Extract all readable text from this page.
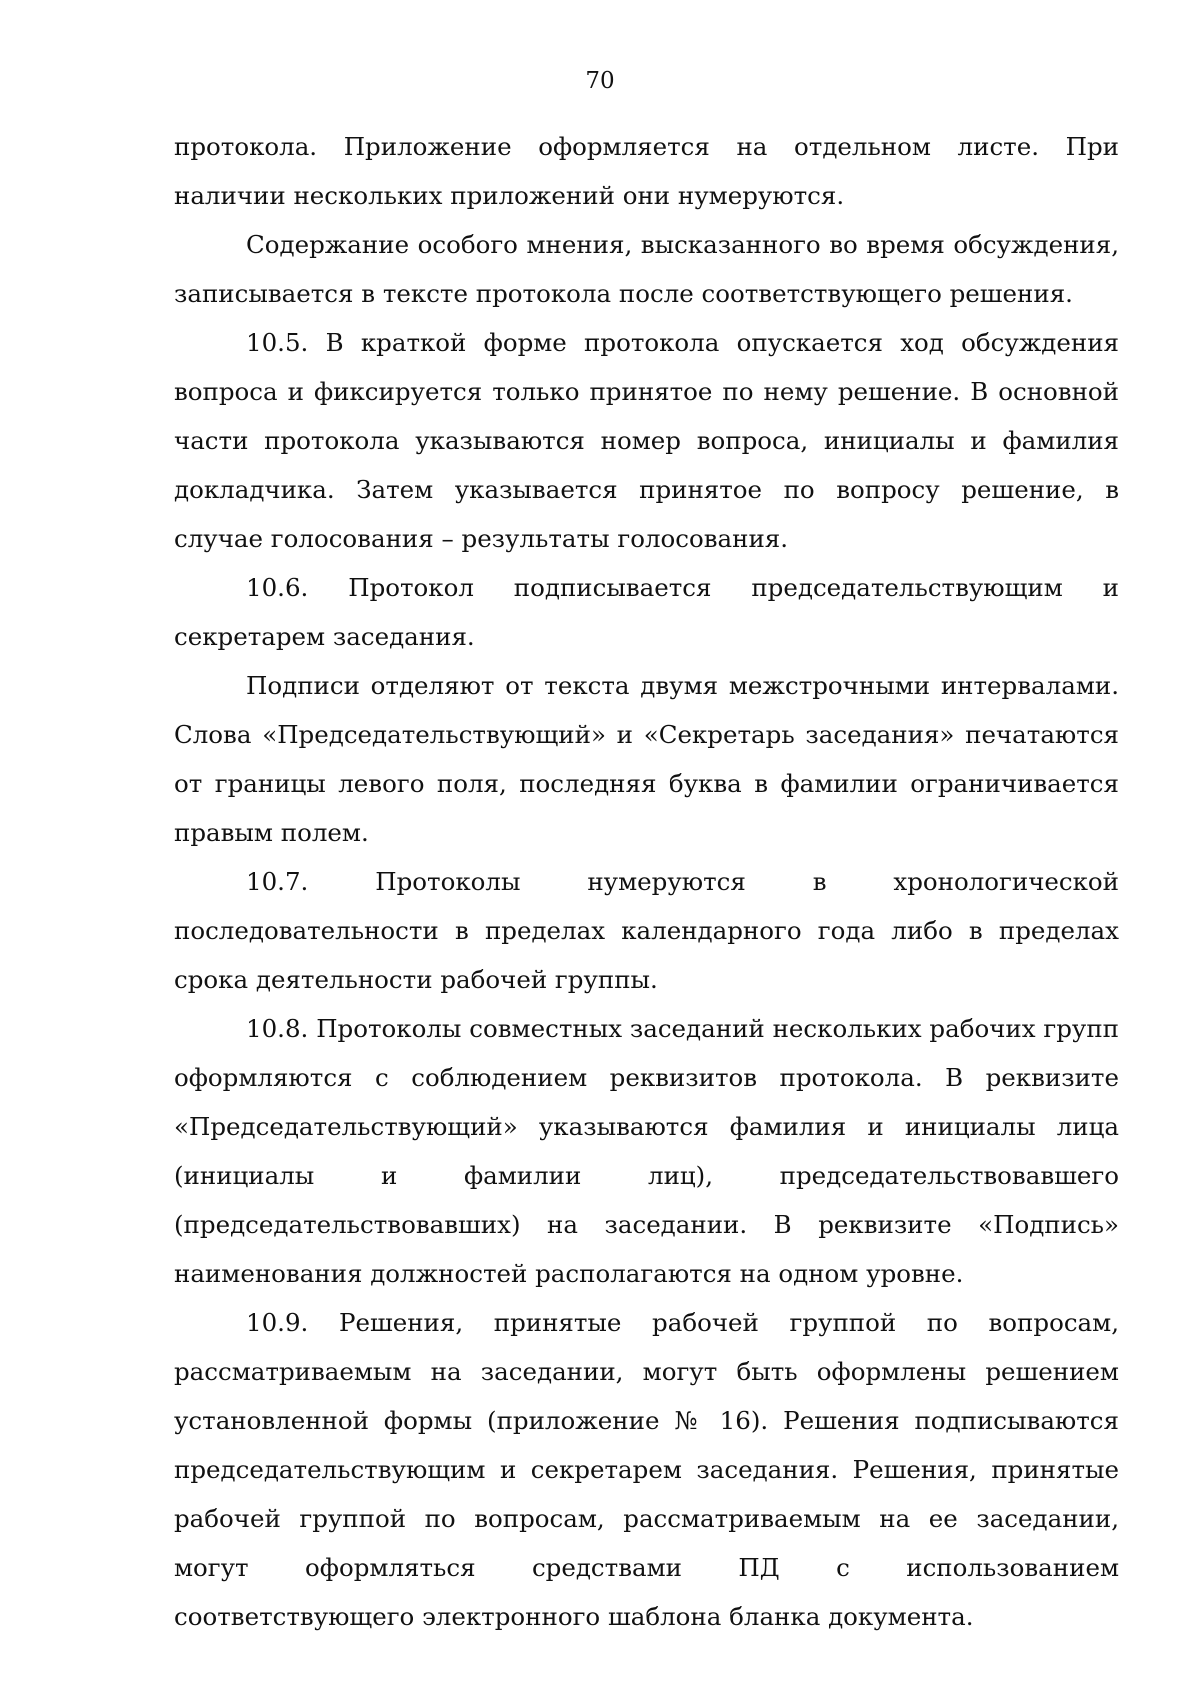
70

протокола. Приложение оформляется на отдельном листе. При наличии нескольких приложений они нумеруются.

Содержание особого мнения, высказанного во время обсуждения, записывается в тексте протокола после соответствующего решения.

10.5. В краткой форме протокола опускается ход обсуждения вопроса и фиксируется только принятое по нему решение. В основной части протокола указываются номер вопроса, инициалы и фамилия докладчика. Затем указывается принятое по вопросу решение, в случае голосования – результаты голосования.

10.6. Протокол подписывается председательствующим и секретарем заседания.

Подписи отделяют от текста двумя межстрочными интервалами. Слова «Председательствующий» и «Секретарь заседания» печатаются от границы левого поля, последняя буква в фамилии ограничивается правым полем.

10.7. Протоколы нумеруются в хронологической последовательности в пределах календарного года либо в пределах срока деятельности рабочей группы.

10.8. Протоколы совместных заседаний нескольких рабочих групп оформляются с соблюдением реквизитов протокола. В реквизите «Председательствующий» указываются фамилия и инициалы лица (инициалы и фамилии лиц), председательствовавшего (председательствовавших) на заседании. В реквизите «Подпись» наименования должностей располагаются на одном уровне.

10.9. Решения, принятые рабочей группой по вопросам, рассматриваемым на заседании, могут быть оформлены решением установленной формы (приложение № 16). Решения подписываются председательствующим и секретарем заседания. Решения, принятые рабочей группой по вопросам, рассматриваемым на ее заседании, могут оформляться средствами ПД с использованием соответствующего электронного шаблона бланка документа.
